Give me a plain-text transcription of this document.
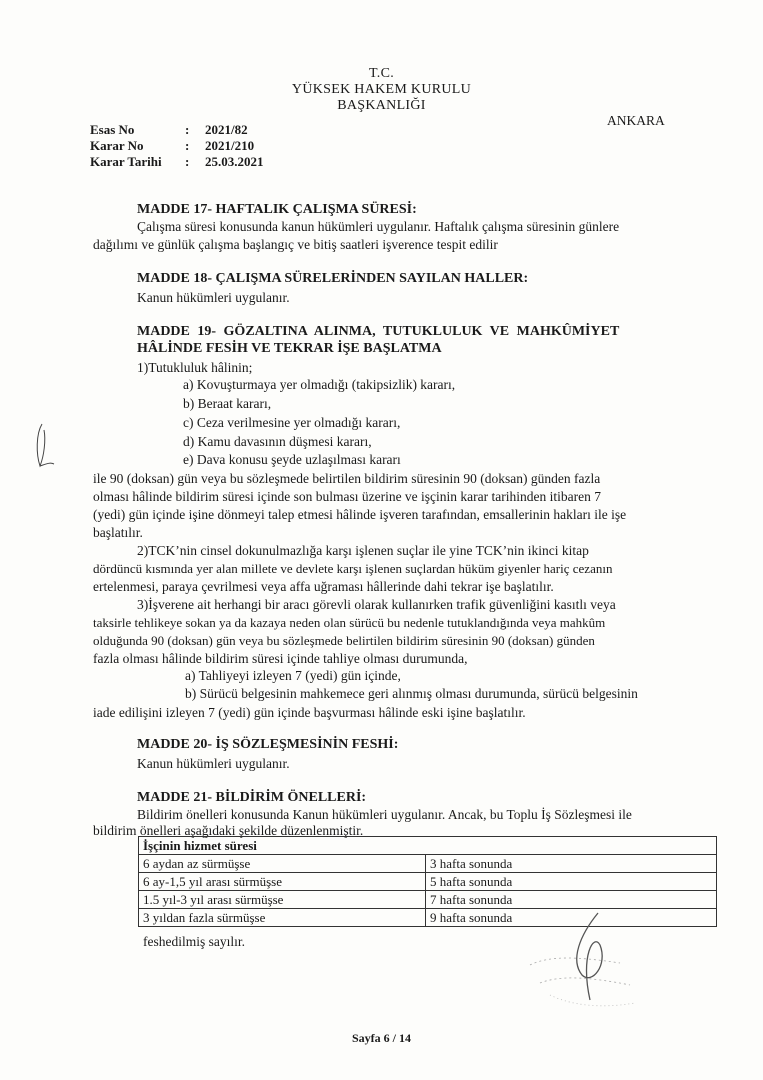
T.C.
YÜKSEK HAKEM KURULU
BAŞKANLIĞI
ANKARA
Esas No	: 2021/82
Karar No	: 2021/210
Karar Tarihi : 25.03.2021
MADDE 17- HAFTALIK ÇALIŞMA SÜRESİ:
Çalışma süresi konusunda kanun hükümleri uygulanır. Haftalık çalışma süresinin günlere
dağılımı ve günlük çalışma başlangıç ve bitiş saatleri işverence tespit edilir
MADDE 18- ÇALIŞMA SÜRELERİNDEN SAYILAN HALLER:
Kanun hükümleri uygulanır.
MADDE 19- GÖZALTINA ALINMA, TUTUKLULUK VE MAHKÛMİYET
HÂLİNDE FESİH VE TEKRAR İŞE BAŞLATMA
1)Tutukluluk hâlinin;
a) Kovuşturmaya yer olmadığı (takipsizlik) kararı,
b) Beraat kararı,
c) Ceza verilmesine yer olmadığı kararı,
d) Kamu davasının düşmesi kararı,
e) Dava konusu şeyde uzlaşılması kararı
ile 90 (doksan) gün veya bu sözleşmede belirtilen bildirim süresinin 90 (doksan) günden fazla
olması hâlinde bildirim süresi içinde son bulması üzerine ve işçinin karar tarihinden itibaren 7
(yedi) gün içinde işine dönmeyi talep etmesi hâlinde işveren tarafından, emsallerinin hakları ile işe
başlatılır.
2)TCK’nin cinsel dokunulmazlığa karşı işlenen suçlar ile yine TCK’nin ikinci kitap
dördüncü kısmında yer alan millete ve devlete karşı işlenen suçlardan hüküm giyenler hariç cezanın
ertelenmesi, paraya çevrilmesi veya affa uğraması hâllerinde dahi tekrar işe başlatılır.
3)İşverene ait herhangi bir aracı görevli olarak kullanırken trafik güvenliğini kasıtlı veya
taksirle tehlikeye sokan ya da kazaya neden olan sürücü bu nedenle tutuklandığında veya mahkûm
olduğunda 90 (doksan) gün veya bu sözleşmede belirtilen bildirim süresinin 90 (doksan) günden
fazla olması hâlinde bildirim süresi içinde tahliye olması durumunda,
a) Tahliyeyi izleyen 7 (yedi) gün içinde,
b) Sürücü belgesinin mahkemece geri alınmış olması durumunda, sürücü belgesinin
iade edilişini izleyen 7 (yedi) gün içinde başvurması hâlinde eski işine başlatılır.
MADDE 20- İŞ SÖZLEŞMESİNİN FESHİ:
Kanun hükümleri uygulanır.
MADDE 21- BİLDİRİM ÖNELLERİ:
Bildirim önelleri konusunda Kanun hükümleri uygulanır. Ancak, bu Toplu İş Sözleşmesi ile
bildirim önelleri aşağıdaki şekilde düzenlenmiştir.
İşçinin hizmet süresi	
6 aydan az sürmüşse	3 hafta sonunda
6 ay-1,5 yıl arası sürmüşse	5 hafta sonunda
1.5 yıl-3 yıl arası sürmüşse	7 hafta sonunda
3 yıldan fazla sürmüşse	9 hafta sonunda
feshedilmiş sayılır.
Sayfa 6 / 14
